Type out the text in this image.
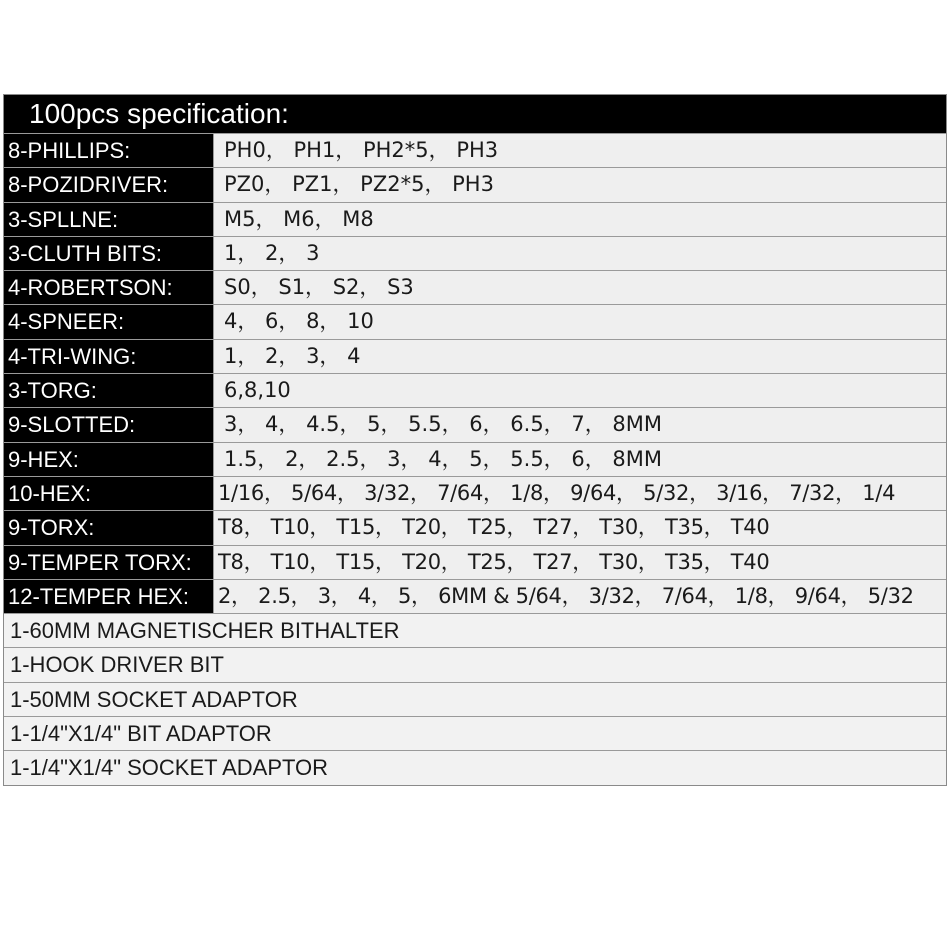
100pcs specification:
8-PHILLIPS:	PH0， PH1， PH2*5， PH3
8-POZIDRIVER:	PZ0， PZ1， PZ2*5， PH3
3-SPLLNE:	M5， M6， M8
3-CLUTH BITS:	1， 2， 3
4-ROBERTSON:	S0， S1， S2， S3
4-SPNEER:	4， 6， 8， 10
4-TRI-WING:	1， 2， 3， 4
3-TORG:	6,8,10
9-SLOTTED:	3， 4， 4.5， 5， 5.5， 6， 6.5， 7， 8MM
9-HEX:	1.5， 2， 2.5， 3， 4， 5， 5.5， 6， 8MM
10-HEX:	1/16， 5/64， 3/32， 7/64， 1/8， 9/64， 5/32， 3/16， 7/32， 1/4
9-TORX:	T8， T10， T15， T20， T25， T27， T30， T35， T40
9-TEMPER TORX:	T8， T10， T15， T20， T25， T27， T30， T35， T40
12-TEMPER HEX:	2， 2.5， 3， 4， 5， 6MM & 5/64， 3/32， 7/64， 1/8， 9/64， 5/32
1-60MM MAGNETISCHER BITHALTER
1-HOOK DRIVER BIT
1-50MM SOCKET ADAPTOR
1-1/4"X1/4" BIT ADAPTOR
1-1/4"X1/4" SOCKET ADAPTOR
